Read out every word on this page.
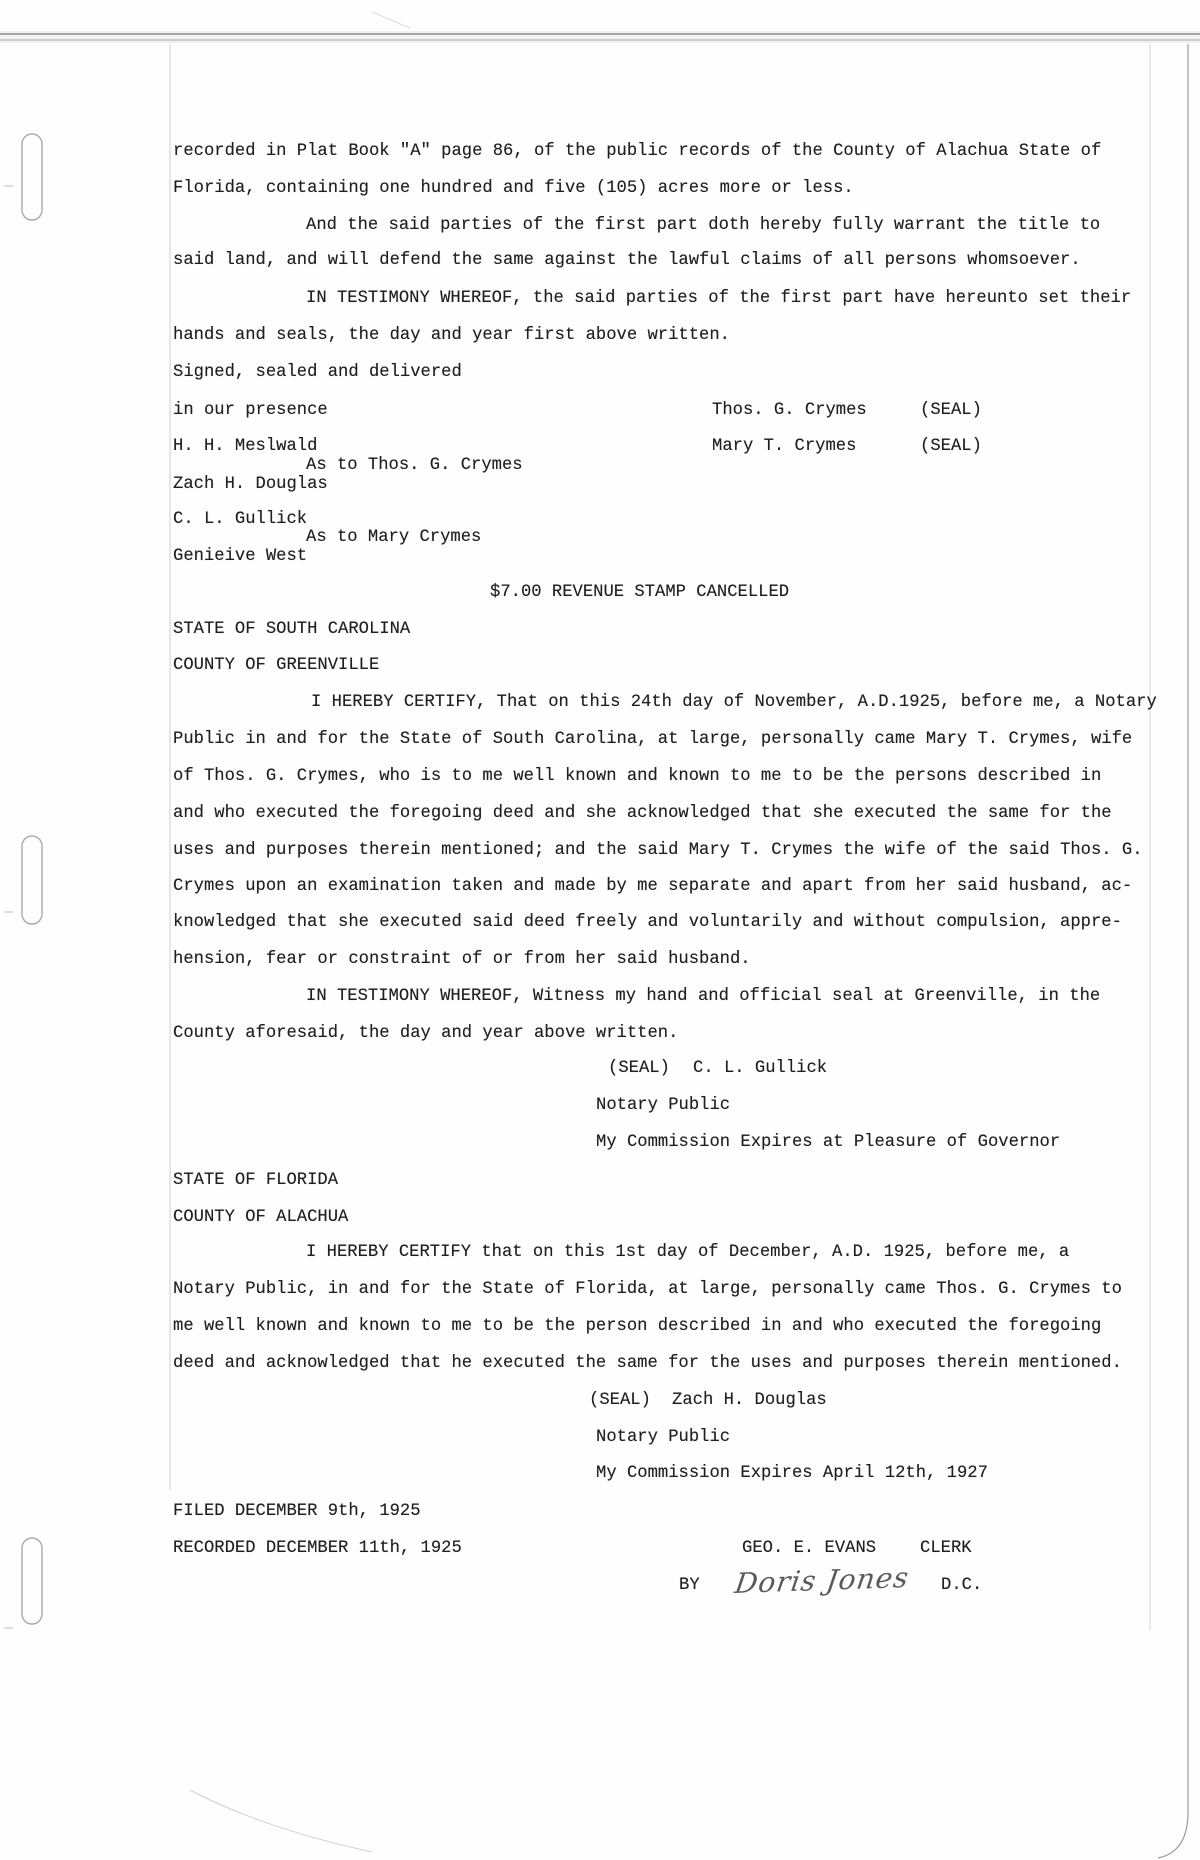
recorded in Plat Book "A" page 86, of the public records of the County of Alachua State of
Florida, containing one hundred and five (105) acres more or less.
And the said parties of the first part doth hereby fully warrant the title to
said land, and will defend the same against the lawful claims of all persons whomsoever.
IN TESTIMONY WHEREOF, the said parties of the first part have hereunto set their
hands and seals, the day and year first above written.
Signed, sealed and delivered
in our presence	Thos. G. Crymes	(SEAL)
H. H. Meslwald	Mary T. Crymes	(SEAL)
As to Thos. G. Crymes
Zach H. Douglas
C. L. Gullick
As to Mary Crymes
Genieive West
$7.00 REVENUE STAMP CANCELLED
STATE OF SOUTH CAROLINA
COUNTY OF GREENVILLE
I HEREBY CERTIFY, That on this 24th day of November, A.D.1925, before me, a Notary
Public in and for the State of South Carolina, at large, personally came Mary T. Crymes, wife
of Thos. G. Crymes, who is to me well known and known to me to be the persons described in
and who executed the foregoing deed and she acknowledged that she executed the same for the
uses and purposes therein mentioned; and the said Mary T. Crymes the wife of the said Thos. G.
Crymes upon an examination taken and made by me separate and apart from her said husband, ac-
knowledged that she executed said deed freely and voluntarily and without compulsion, appre-
hension, fear or constraint of or from her said husband.
IN TESTIMONY WHEREOF, Witness my hand and official seal at Greenville, in the
County aforesaid, the day and year above written.
(SEAL) C. L. Gullick
Notary Public
My Commission Expires at Pleasure of Governor
STATE OF FLORIDA
COUNTY OF ALACHUA
I HEREBY CERTIFY that on this 1st day of December, A.D. 1925, before me, a
Notary Public, in and for the State of Florida, at large, personally came Thos. G. Crymes to
me well known and known to me to be the person described in and who executed the foregoing
deed and acknowledged that he executed the same for the uses and purposes therein mentioned.
(SEAL) Zach H. Douglas
Notary Public
My Commission Expires April 12th, 1927
FILED DECEMBER 9th, 1925
RECORDED DECEMBER 11th, 1925	GEO. E. EVANS	CLERK
BY Doris Jones D.C.
